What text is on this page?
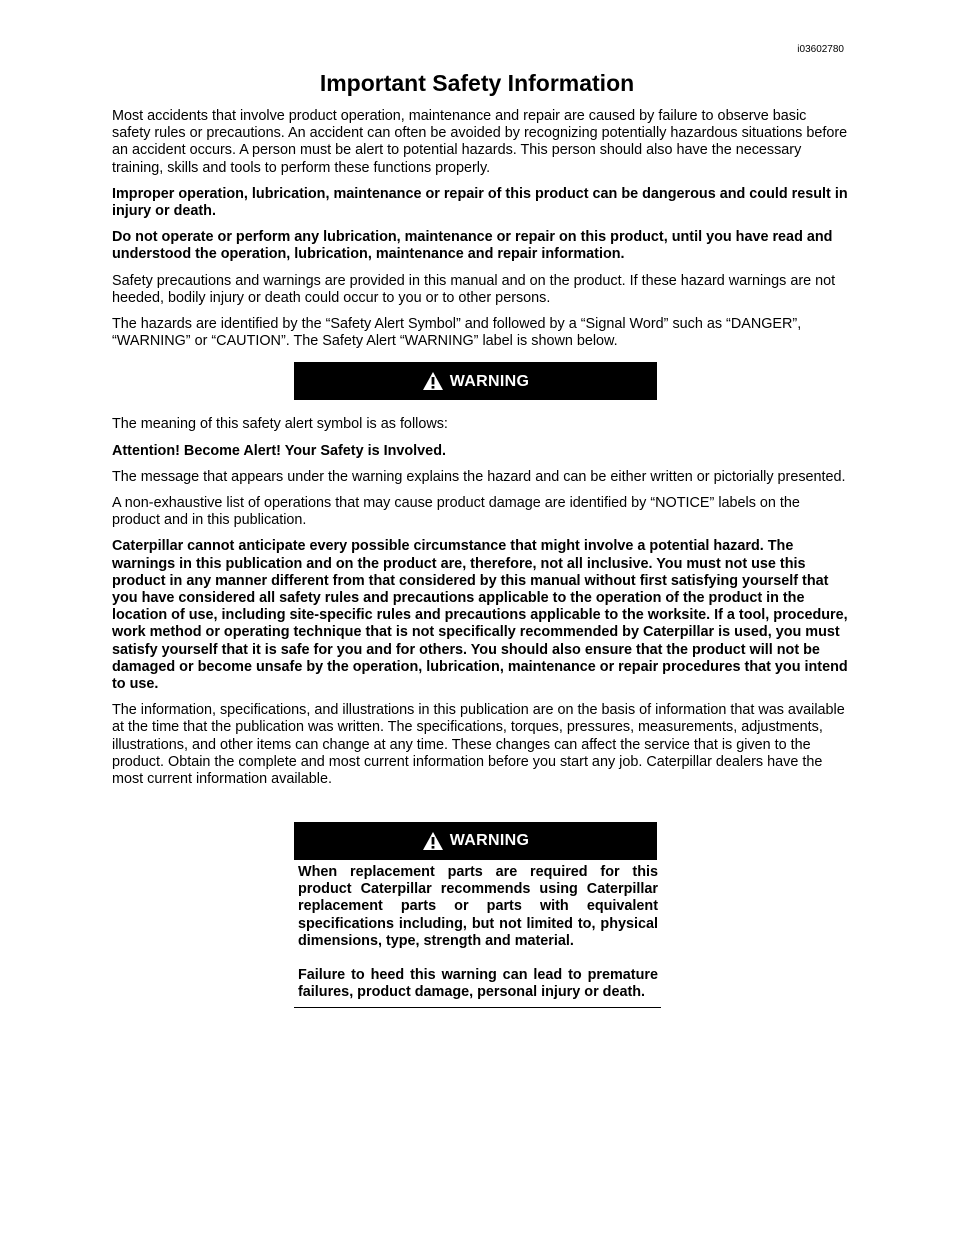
i03602780
Important Safety Information

Most accidents that involve product operation, maintenance and repair are caused by failure to observe basic safety rules or precautions. An accident can often be avoided by recognizing potentially hazardous situations before an accident occurs. A person must be alert to potential hazards. This person should also have the necessary training, skills and tools to perform these functions properly.

Improper operation, lubrication, maintenance or repair of this product can be dangerous and could result in injury or death.

Do not operate or perform any lubrication, maintenance or repair on this product, until you have read and understood the operation, lubrication, maintenance and repair information.

Safety precautions and warnings are provided in this manual and on the product. If these hazard warnings are not heeded, bodily injury or death could occur to you or to other persons.

The hazards are identified by the “Safety Alert Symbol” and followed by a “Signal Word” such as “DANGER”, “WARNING” or “CAUTION”. The Safety Alert “WARNING” label is shown below.

WARNING

The meaning of this safety alert symbol is as follows:

Attention! Become Alert! Your Safety is Involved.

The message that appears under the warning explains the hazard and can be either written or pictorially presented.

A non-exhaustive list of operations that may cause product damage are identified by “NOTICE” labels on the product and in this publication.

Caterpillar cannot anticipate every possible circumstance that might involve a potential hazard. The warnings in this publication and on the product are, therefore, not all inclusive. You must not use this product in any manner different from that considered by this manual without first satisfying yourself that you have considered all safety rules and precautions applicable to the operation of the product in the location of use, including site-specific rules and precautions applicable to the worksite. If a tool, procedure, work method or operating technique that is not specifically recommended by Caterpillar is used, you must satisfy yourself that it is safe for you and for others. You should also ensure that the product will not be damaged or become unsafe by the operation, lubrication, maintenance or repair procedures that you intend to use.

The information, specifications, and illustrations in this publication are on the basis of information that was available at the time that the publication was written. The specifications, torques, pressures, measurements, adjustments, illustrations, and other items can change at any time. These changes can affect the service that is given to the product. Obtain the complete and most current information before you start any job. Caterpillar dealers have the most current information available.

WARNING

When replacement parts are required for this product Caterpillar recommends using Caterpillar replacement parts or parts with equivalent specifications including, but not limited to, physical dimensions, type, strength and material.

Failure to heed this warning can lead to premature failures, product damage, personal injury or death.
